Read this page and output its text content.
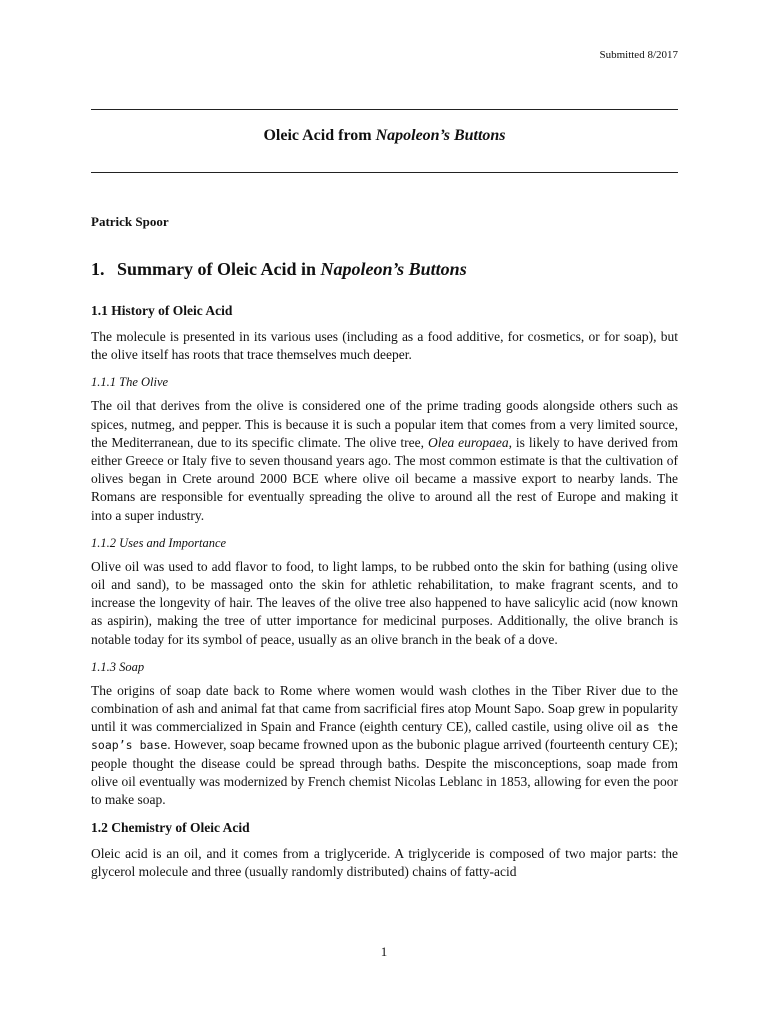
Submitted 8/2017
Oleic Acid from Napoleon’s Buttons
Patrick Spoor
1. Summary of Oleic Acid in Napoleon’s Buttons
1.1 History of Oleic Acid

The molecule is presented in its various uses (including as a food additive, for cosmetics, or for soap), but the olive itself has roots that trace themselves much deeper.

1.1.1 The Olive

The oil that derives from the olive is considered one of the prime trading goods alongside others such as spices, nutmeg, and pepper. This is because it is such a popular item that comes from a very limited source, the Mediterranean, due to its specific climate. The olive tree, Olea europaea, is likely to have derived from either Greece or Italy five to seven thousand years ago. The most common estimate is that the cultivation of olives began in Crete around 2000 BCE where olive oil became a massive export to nearby lands. The Romans are responsible for eventually spreading the olive to around all the rest of Europe and making it into a super industry.

1.1.2 Uses and Importance

Olive oil was used to add flavor to food, to light lamps, to be rubbed onto the skin for bathing (using olive oil and sand), to be massaged onto the skin for athletic rehabilitation, to make fragrant scents, and to increase the longevity of hair. The leaves of the olive tree also happened to have salicylic acid (now known as aspirin), making the tree of utter importance for medicinal purposes. Additionally, the olive branch is notable today for its symbol of peace, usually as an olive branch in the beak of a dove.

1.1.3 Soap

The origins of soap date back to Rome where women would wash clothes in the Tiber River due to the combination of ash and animal fat that came from sacrificial fires atop Mount Sapo. Soap grew in popularity until it was commercialized in Spain and France (eighth century CE), called castile, using olive oil as the soap’s base. However, soap became frowned upon as the bubonic plague arrived (fourteenth century CE); people thought the disease could be spread through baths. Despite the misconceptions, soap made from olive oil eventually was modernized by French chemist Nicolas Leblanc in 1853, allowing for even the poor to make soap.

1.2 Chemistry of Oleic Acid

Oleic acid is an oil, and it comes from a triglyceride. A triglyceride is composed of two major parts: the glycerol molecule and three (usually randomly distributed) chains of fatty-acid

1
